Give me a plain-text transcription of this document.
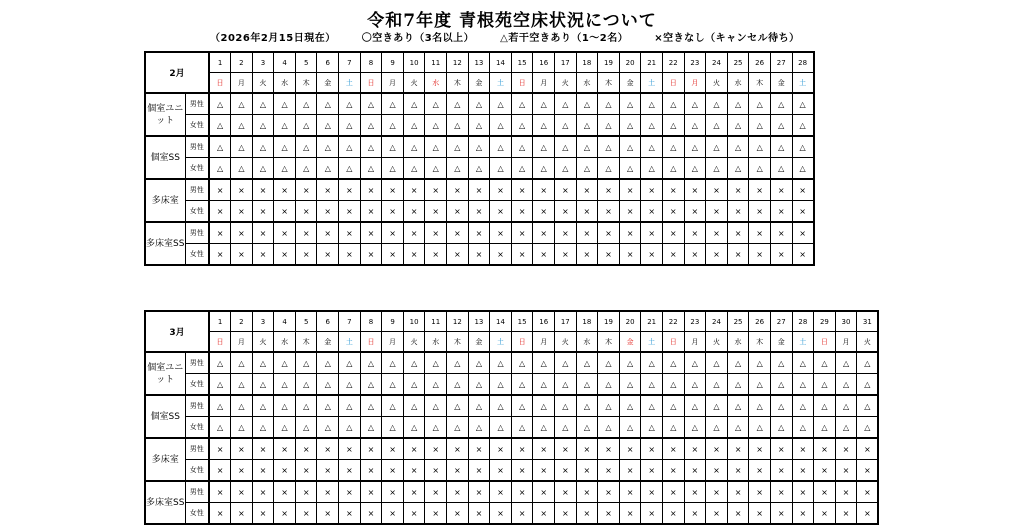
令和7年度 青根苑空床状況について
（2026年2月15日現在）	〇空きあり（3名以上）	△若干空きあり（1～2名）	×空きなし（キャンセル待ち）
2月		1	2	3	4	5	6	7	8	9	10	11	12	13	14	15	16	17	18	19	20	21	22	23	24	25	26	27	28
		日	月	火	水	木	金	土	日	月	火	水	木	金	土	日	月	火	水	木	金	土	日	月	火	水	木	金	土
個室ユニット	男性	△	△	△	△	△	△	△	△	△	△	△	△	△	△	△	△	△	△	△	△	△	△	△	△	△	△	△	△
	女性	△	△	△	△	△	△	△	△	△	△	△	△	△	△	△	△	△	△	△	△	△	△	△	△	△	△	△	△
個室SS	男性	△	△	△	△	△	△	△	△	△	△	△	△	△	△	△	△	△	△	△	△	△	△	△	△	△	△	△	△
	女性	△	△	△	△	△	△	△	△	△	△	△	△	△	△	△	△	△	△	△	△	△	△	△	△	△	△	△	△
多床室	男性	×	×	×	×	×	×	×	×	×	×	×	×	×	×	×	×	×	×	×	×	×	×	×	×	×	×	×	×
	女性	×	×	×	×	×	×	×	×	×	×	×	×	×	×	×	×	×	×	×	×	×	×	×	×	×	×	×	×
多床室SS	男性	×	×	×	×	×	×	×	×	×	×	×	×	×	×	×	×	×	×	×	×	×	×	×	×	×	×	×	×
	女性	×	×	×	×	×	×	×	×	×	×	×	×	×	×	×	×	×	×	×	×	×	×	×	×	×	×	×	×
3月		1	2	3	4	5	6	7	8	9	10	11	12	13	14	15	16	17	18	19	20	21	22	23	24	25	26	27	28	29	30	31
		日	月	火	水	木	金	土	日	月	火	水	木	金	土	日	月	火	水	木	金	土	日	月	火	水	木	金	土	日	月	火
個室ユニット	男性	△	△	△	△	△	△	△	△	△	△	△	△	△	△	△	△	△	△	△	△	△	△	△	△	△	△	△	△	△	△	△
	女性	△	△	△	△	△	△	△	△	△	△	△	△	△	△	△	△	△	△	△	△	△	△	△	△	△	△	△	△	△	△	△
個室SS	男性	△	△	△	△	△	△	△	△	△	△	△	△	△	△	△	△	△	△	△	△	△	△	△	△	△	△	△	△	△	△	△
	女性	△	△	△	△	△	△	△	△	△	△	△	△	△	△	△	△	△	△	△	△	△	△	△	△	△	△	△	△	△	△	△
多床室	男性	×	×	×	×	×	×	×	×	×	×	×	×	×	×	×	×	×	×	×	×	×	×	×	×	×	×	×	×	×	×	×
	女性	×	×	×	×	×	×	×	×	×	×	×	×	×	×	×	×	×	×	×	×	×	×	×	×	×	×	×	×	×	×	×
多床室SS	男性	×	×	×	×	×	×	×	×	×	×	×	×	×	×	×	×	×	×	×	×	×	×	×	×	×	×	×	×	×	×	×
	女性	×	×	×	×	×	×	×	×	×	×	×	×	×	×	×	×	×	×	×	×	×	×	×	×	×	×	×	×	×	×	×
